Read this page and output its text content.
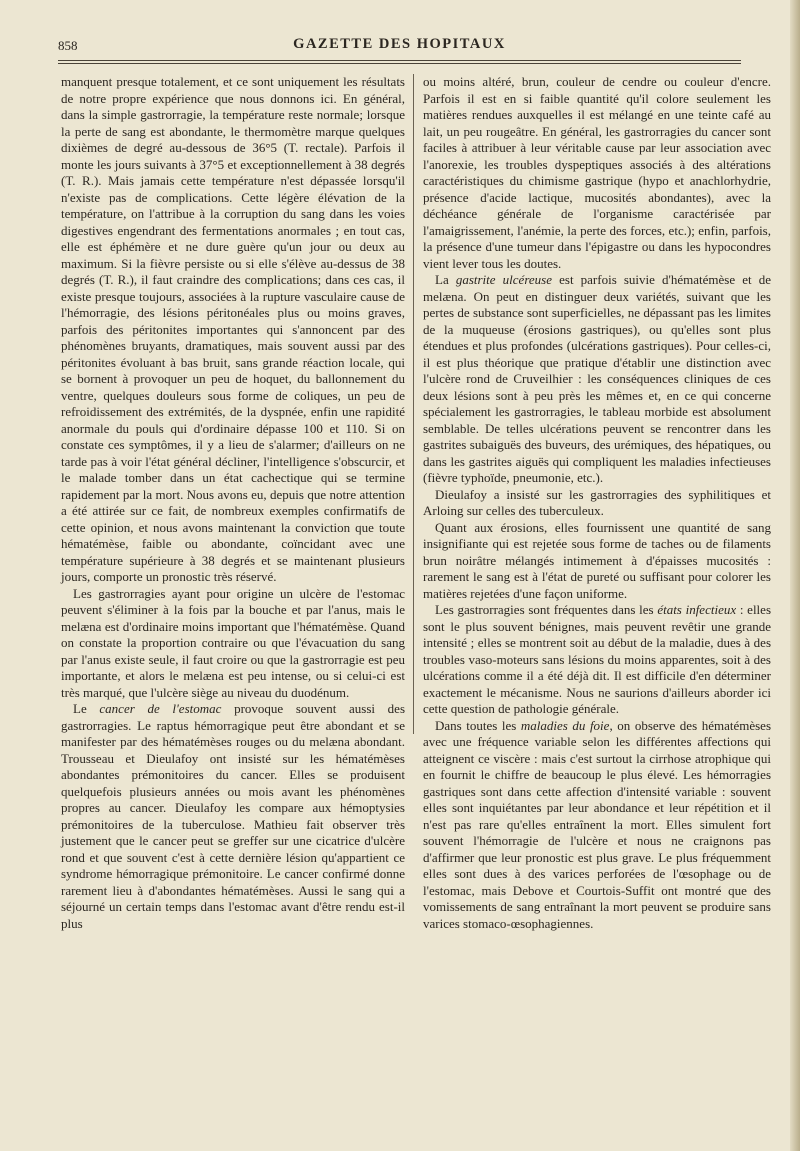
858	GAZETTE DES HOPITAUX

manquent presque totalement, et ce sont uniquement les résultats de notre propre expérience que nous donnons ici. En général, dans la simple gastrorragie, la température reste normale; lorsque la perte de sang est abondante, le thermomètre marque quelques dixièmes de degré au-dessous de 36°5 (T. rectale). Parfois il monte les jours suivants à 37°5 et exceptionnellement à 38 degrés (T. R.). Mais jamais cette température n'est dépassée lorsqu'il n'existe pas de complications. Cette légère élévation de la température, on l'attribue à la corruption du sang dans les voies digestives engendrant des fermentations anormales ; en tout cas, elle est éphémère et ne dure guère qu'un jour ou deux au maximum. Si la fièvre persiste ou si elle s'élève au-dessus de 38 degrés (T. R.), il faut craindre des complications; dans ces cas, il existe presque toujours, associées à la rupture vasculaire cause de l'hémorragie, des lésions péritonéales plus ou moins graves, parfois des péritonites importantes qui s'annoncent par des phénomènes bruyants, dramatiques, mais souvent aussi par des péritonites évoluant à bas bruit, sans grande réaction locale, qui se bornent à provoquer un peu de hoquet, du ballonnement du ventre, quelques douleurs sous forme de coliques, un peu de refroidissement des extrémités, de la dyspnée, enfin une rapidité anormale du pouls qui d'ordinaire dépasse 100 et 110. Si on constate ces symptômes, il y a lieu de s'alarmer; d'ailleurs on ne tarde pas à voir l'état général décliner, l'intelligence s'obscurcir, et le malade tomber dans un état cachectique qui se termine rapidement par la mort. Nous avons eu, depuis que notre attention a été attirée sur ce fait, de nombreux exemples confirmatifs de cette opinion, et nous avons maintenant la conviction que toute hématémèse, faible ou abondante, coïncidant avec une température supérieure à 38 degrés et se maintenant plusieurs jours, comporte un pronostic très réservé.

Les gastrorragies ayant pour origine un ulcère de l'estomac peuvent s'éliminer à la fois par la bouche et par l'anus, mais le melæna est d'ordinaire moins important que l'hématémèse. Quand on constate la proportion contraire ou que l'évacuation du sang par l'anus existe seule, il faut croire ou que la gastrorragie est peu importante, et alors le melæna est peu intense, ou si celui-ci est très marqué, que l'ulcère siège au niveau du duodénum.

Le cancer de l'estomac provoque souvent aussi des gastrorragies. Le raptus hémorragique peut être abondant et se manifester par des hématémèses rouges ou du melæna abondant. Trousseau et Dieulafoy ont insisté sur les hématémèses abondantes prémonitoires du cancer. Elles se produisent quelquefois plusieurs années ou mois avant les phénomènes propres au cancer. Dieulafoy les compare aux hémoptysies prémonitoires de la tuberculose. Mathieu fait observer très justement que le cancer peut se greffer sur une cicatrice d'ulcère rond et que souvent c'est à cette dernière lésion qu'appartient ce syndrome hémorragique prémonitoire. Le cancer confirmé donne rarement lieu à d'abondantes hématémèses. Aussi le sang qui a séjourné un certain temps dans l'estomac avant d'être rendu est-il plus

ou moins altéré, brun, couleur de cendre ou couleur d'encre. Parfois il est en si faible quantité qu'il colore seulement les matières rendues auxquelles il est mélangé en une teinte café au lait, un peu rougeâtre. En général, les gastrorragies du cancer sont faciles à attribuer à leur véritable cause par leur association avec l'anorexie, les troubles dyspeptiques associés à des altérations caractéristiques du chimisme gastrique (hypo et anachlorhydrie, présence d'acide lactique, mucosités abondantes), avec la déchéance générale de l'organisme caractérisée par l'amaigrissement, l'anémie, la perte des forces, etc.); enfin, parfois, la présence d'une tumeur dans l'épigastre ou dans les hypocondres vient lever tous les doutes.

La gastrite ulcéreuse est parfois suivie d'hématémèse et de melæna. On peut en distinguer deux variétés, suivant que les pertes de substance sont superficielles, ne dépassant pas les limites de la muqueuse (érosions gastriques), ou qu'elles sont plus étendues et plus profondes (ulcérations gastriques). Pour celles-ci, il est plus théorique que pratique d'établir une distinction avec l'ulcère rond de Cruveilhier : les conséquences cliniques de ces deux lésions sont à peu près les mêmes et, en ce qui concerne spécialement les gastrorragies, le tableau morbide est absolument semblable. De telles ulcérations peuvent se rencontrer dans les gastrites subaiguës des buveurs, des urémiques, des hépatiques, ou dans les gastrites aiguës qui compliquent les maladies infectieuses (fièvre typhoïde, pneumonie, etc.).

Dieulafoy a insisté sur les gastrorragies des syphilitiques et Arloing sur celles des tuberculeux.

Quant aux érosions, elles fournissent une quantité de sang insignifiante qui est rejetée sous forme de taches ou de filaments brun noirâtre mélangés intimement à d'épaisses mucosités : rarement le sang est à l'état de pureté ou suffisant pour colorer les matières rejetées d'une façon uniforme.

Les gastrorragies sont fréquentes dans les états infectieux : elles sont le plus souvent bénignes, mais peuvent revêtir une grande intensité ; elles se montrent soit au début de la maladie, dues à des troubles vaso-moteurs sans lésions du moins apparentes, soit à des ulcérations comme il a été déjà dit. Il est difficile d'en déterminer exactement le mécanisme. Nous ne saurions d'ailleurs aborder ici cette question de pathologie générale.

Dans toutes les maladies du foie, on observe des hématémèses avec une fréquence variable selon les différentes affections qui atteignent ce viscère : mais c'est surtout la cirrhose atrophique qui en fournit le chiffre de beaucoup le plus élevé. Les hémorragies gastriques sont dans cette affection d'intensité variable : souvent elles sont inquiétantes par leur abondance et leur répétition et il n'est pas rare qu'elles entraînent la mort. Elles simulent fort souvent l'hémorragie de l'ulcère et nous ne craignons pas d'affirmer que leur pronostic est plus grave. Le plus fréquemment elles sont dues à des varices perforées de l'œsophage ou de l'estomac, mais Debove et Courtois-Suffit ont montré que des vomissements de sang entraînant la mort peuvent se produire sans varices stomaco-œsophagiennes.
